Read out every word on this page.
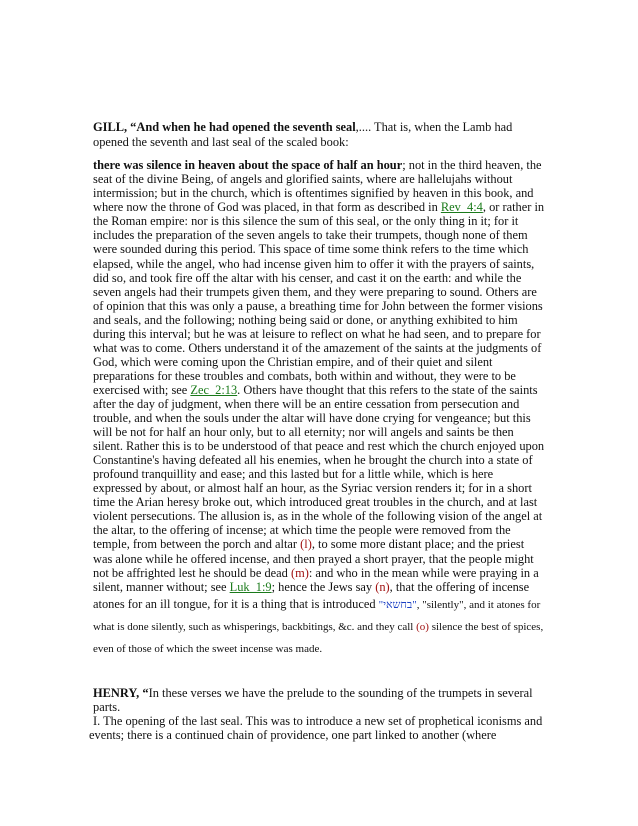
GILL, “And when he had opened the seventh seal,.... That is, when the Lamb had opened the seventh and last seal of the scaled book:

there was silence in heaven about the space of half an hour; not in the third heaven, the seat of the divine Being, of angels and glorified saints, where are hallelujahs without intermission; but in the church, which is oftentimes signified by heaven in this book, and where now the throne of God was placed, in that form as described in Rev_4:4, or rather in the Roman empire: nor is this silence the sum of this seal, or the only thing in it; for it includes the preparation of the seven angels to take their trumpets, though none of them were sounded during this period. This space of time some think refers to the time which elapsed, while the angel, who had incense given him to offer it with the prayers of saints, did so, and took fire off the altar with his censer, and cast it on the earth: and while the seven angels had their trumpets given them, and they were preparing to sound. Others are of opinion that this was only a pause, a breathing time for John between the former visions and seals, and the following; nothing being said or done, or anything exhibited to him during this interval; but he was at leisure to reflect on what he had seen, and to prepare for what was to come. Others understand it of the amazement of the saints at the judgments of God, which were coming upon the Christian empire, and of their quiet and silent preparations for these troubles and combats, both within and without, they were to be exercised with; see Zec_2:13. Others have thought that this refers to the state of the saints after the day of judgment, when there will be an entire cessation from persecution and trouble, and when the souls under the altar will have done crying for vengeance; but this will be not for half an hour only, but to all eternity; nor will angels and saints be then silent. Rather this is to be understood of that peace and rest which the church enjoyed upon Constantine's having defeated all his enemies, when he brought the church into a state of profound tranquillity and ease; and this lasted but for a little while, which is here expressed by about, or almost half an hour, as the Syriac version renders it; for in a short time the Arian heresy broke out, which introduced great troubles in the church, and at last violent persecutions. The allusion is, as in the whole of the following vision of the angel at the altar, to the offering of incense; at which time the people were removed from the temple, from between the porch and altar (l), to some more distant place; and the priest was alone while he offered incense, and then prayed a short prayer, that the people might not be affrighted lest he should be dead (m): and who in the mean while were praying in a silent, manner without; see Luk_1:9; hence the Jews say (n), that the offering of incense atones for an ill tongue, for it is a thing that is introduced "בחשאי", "silently", and it atones for what is done silently, such as whisperings, backbitings, &c. and they call (o) silence the best of spices, even of those of which the sweet incense was made.

HENRY, “In these verses we have the prelude to the sounding of the trumpets in several parts.

I. The opening of the last seal. This was to introduce a new set of prophetical iconisms and events; there is a continued chain of providence, one part linked to another (where
